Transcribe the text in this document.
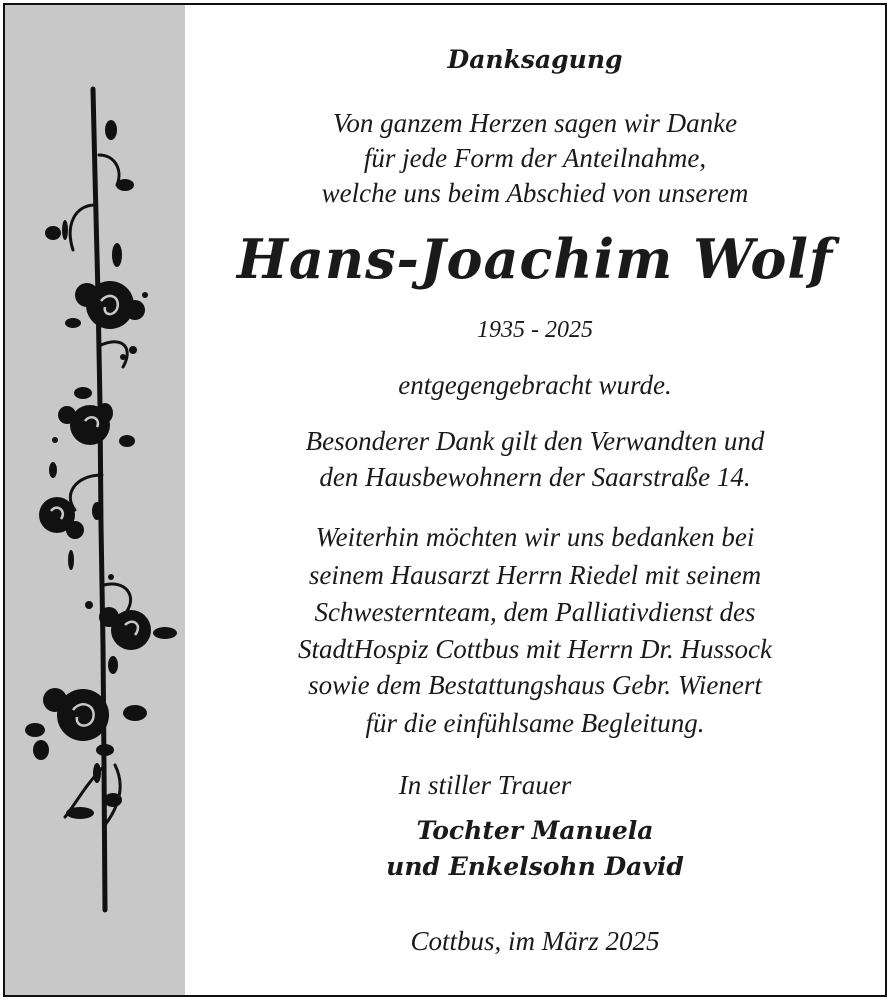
Danksagung
Von ganzem Herzen sagen wir Danke
für jede Form der Anteilnahme,
welche uns beim Abschied von unserem
Hans-Joachim Wolf
1935 - 2025
entgegengebracht wurde.
Besonderer Dank gilt den Verwandten und
den Hausbewohnern der Saarstraße 14.
Weiterhin möchten wir uns bedanken bei
seinem Hausarzt Herrn Riedel mit seinem
Schwesternteam, dem Palliativdienst des
StadtHospiz Cottbus mit Herrn Dr. Hussock
sowie dem Bestattungshaus Gebr. Wienert
für die einfühlsame Begleitung.
In stiller Trauer
Tochter Manuela
und Enkelsohn David
Cottbus, im März 2025
